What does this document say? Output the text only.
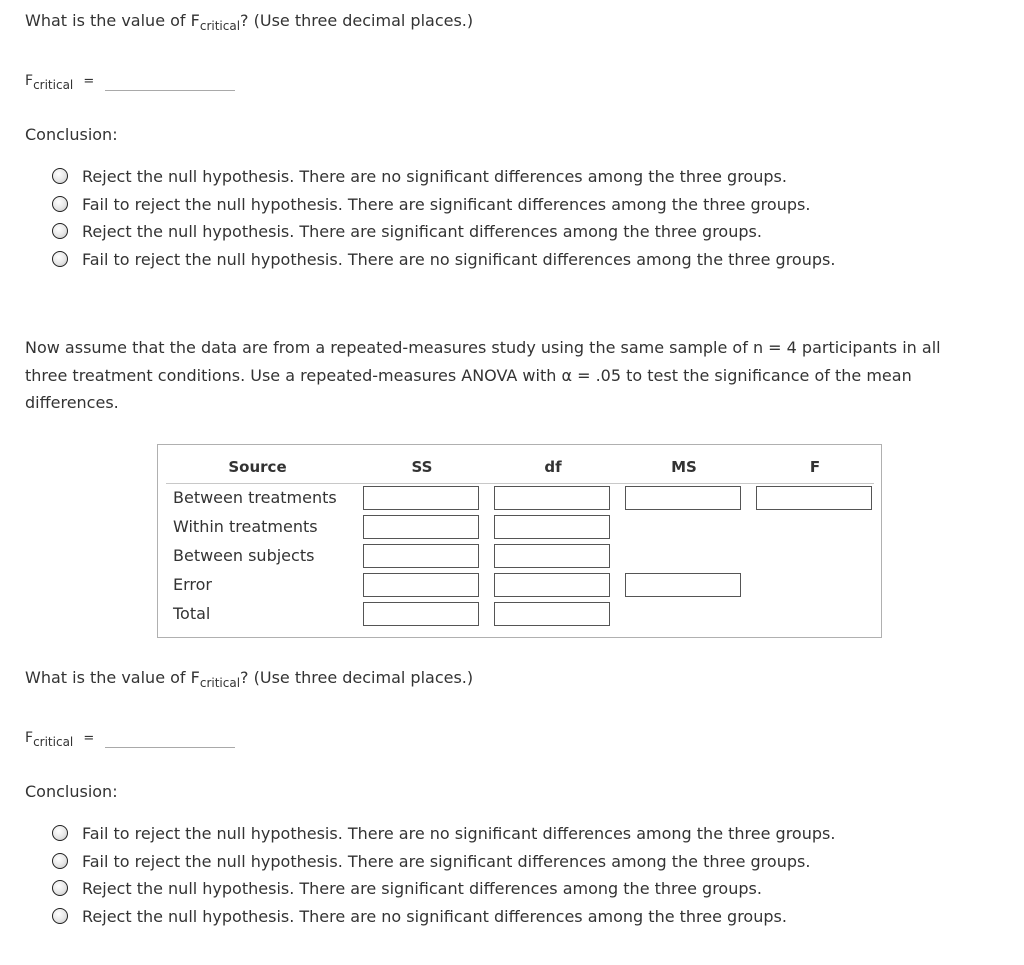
What is the value of $F_{critical}$? (Use three decimal places.)
$F_{critical}$ =
Conclusion:
Reject the null hypothesis. There are no significant differences among the three groups.
Fail to reject the null hypothesis. There are significant differences among the three groups.
Reject the null hypothesis. There are significant differences among the three groups.
Fail to reject the null hypothesis. There are no significant differences among the three groups.
Now assume that the data are from a repeated-measures study using the same sample of n = 4 participants in all
three treatment conditions. Use a repeated-measures ANOVA with α = .05 to test the significance of the mean
differences.
Source	SS	df	MS	F
Between treatments
Within treatments
Between subjects
Error
Total
What is the value of $F_{critical}$? (Use three decimal places.)
$F_{critical}$ =
Conclusion:
Fail to reject the null hypothesis. There are no significant differences among the three groups.
Fail to reject the null hypothesis. There are significant differences among the three groups.
Reject the null hypothesis. There are significant differences among the three groups.
Reject the null hypothesis. There are no significant differences among the three groups.
